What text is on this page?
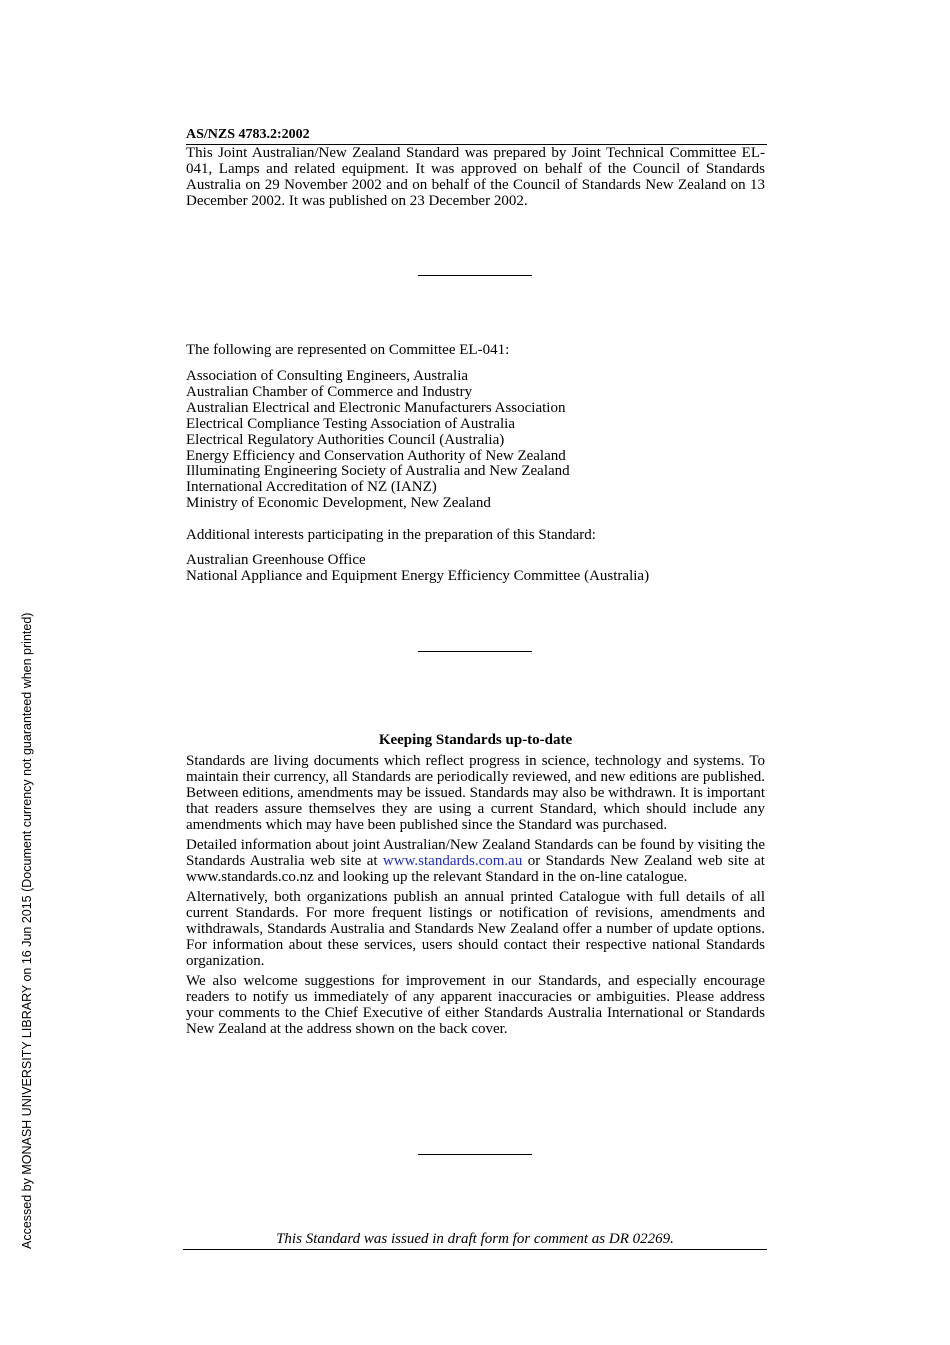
AS/NZS 4783.2:2002
This Joint Australian/New Zealand Standard was prepared by Joint Technical Committee EL-041, Lamps and related equipment. It was approved on behalf of the Council of Standards Australia on 29 November 2002 and on behalf of the Council of Standards New Zealand on 13 December 2002. It was published on 23 December 2002.
The following are represented on Committee EL-041:
Association of Consulting Engineers, Australia
Australian Chamber of Commerce and Industry
Australian Electrical and Electronic Manufacturers Association
Electrical Compliance Testing Association of Australia
Electrical Regulatory Authorities Council (Australia)
Energy Efficiency and Conservation Authority of New Zealand
Illuminating Engineering Society of Australia and New Zealand
International Accreditation of NZ (IANZ)
Ministry of Economic Development, New Zealand
Additional interests participating in the preparation of this Standard:
Australian Greenhouse Office
National Appliance and Equipment Energy Efficiency Committee (Australia)
Keeping Standards up-to-date

Standards are living documents which reflect progress in science, technology and systems. To maintain their currency, all Standards are periodically reviewed, and new editions are published. Between editions, amendments may be issued. Standards may also be withdrawn. It is important that readers assure themselves they are using a current Standard, which should include any amendments which may have been published since the Standard was purchased.

Detailed information about joint Australian/New Zealand Standards can be found by visiting the Standards Australia web site at www.standards.com.au or Standards New Zealand web site at www.standards.co.nz and looking up the relevant Standard in the on-line catalogue.

Alternatively, both organizations publish an annual printed Catalogue with full details of all current Standards. For more frequent listings or notification of revisions, amendments and withdrawals, Standards Australia and Standards New Zealand offer a number of update options. For information about these services, users should contact their respective national Standards organization.

We also welcome suggestions for improvement in our Standards, and especially encourage readers to notify us immediately of any apparent inaccuracies or ambiguities. Please address your comments to the Chief Executive of either Standards Australia International or Standards New Zealand at the address shown on the back cover.

This Standard was issued in draft form for comment as DR 02269.
Accessed by MONASH UNIVERSITY LIBRARY on 16 Jun 2015 (Document currency not guaranteed when printed)
